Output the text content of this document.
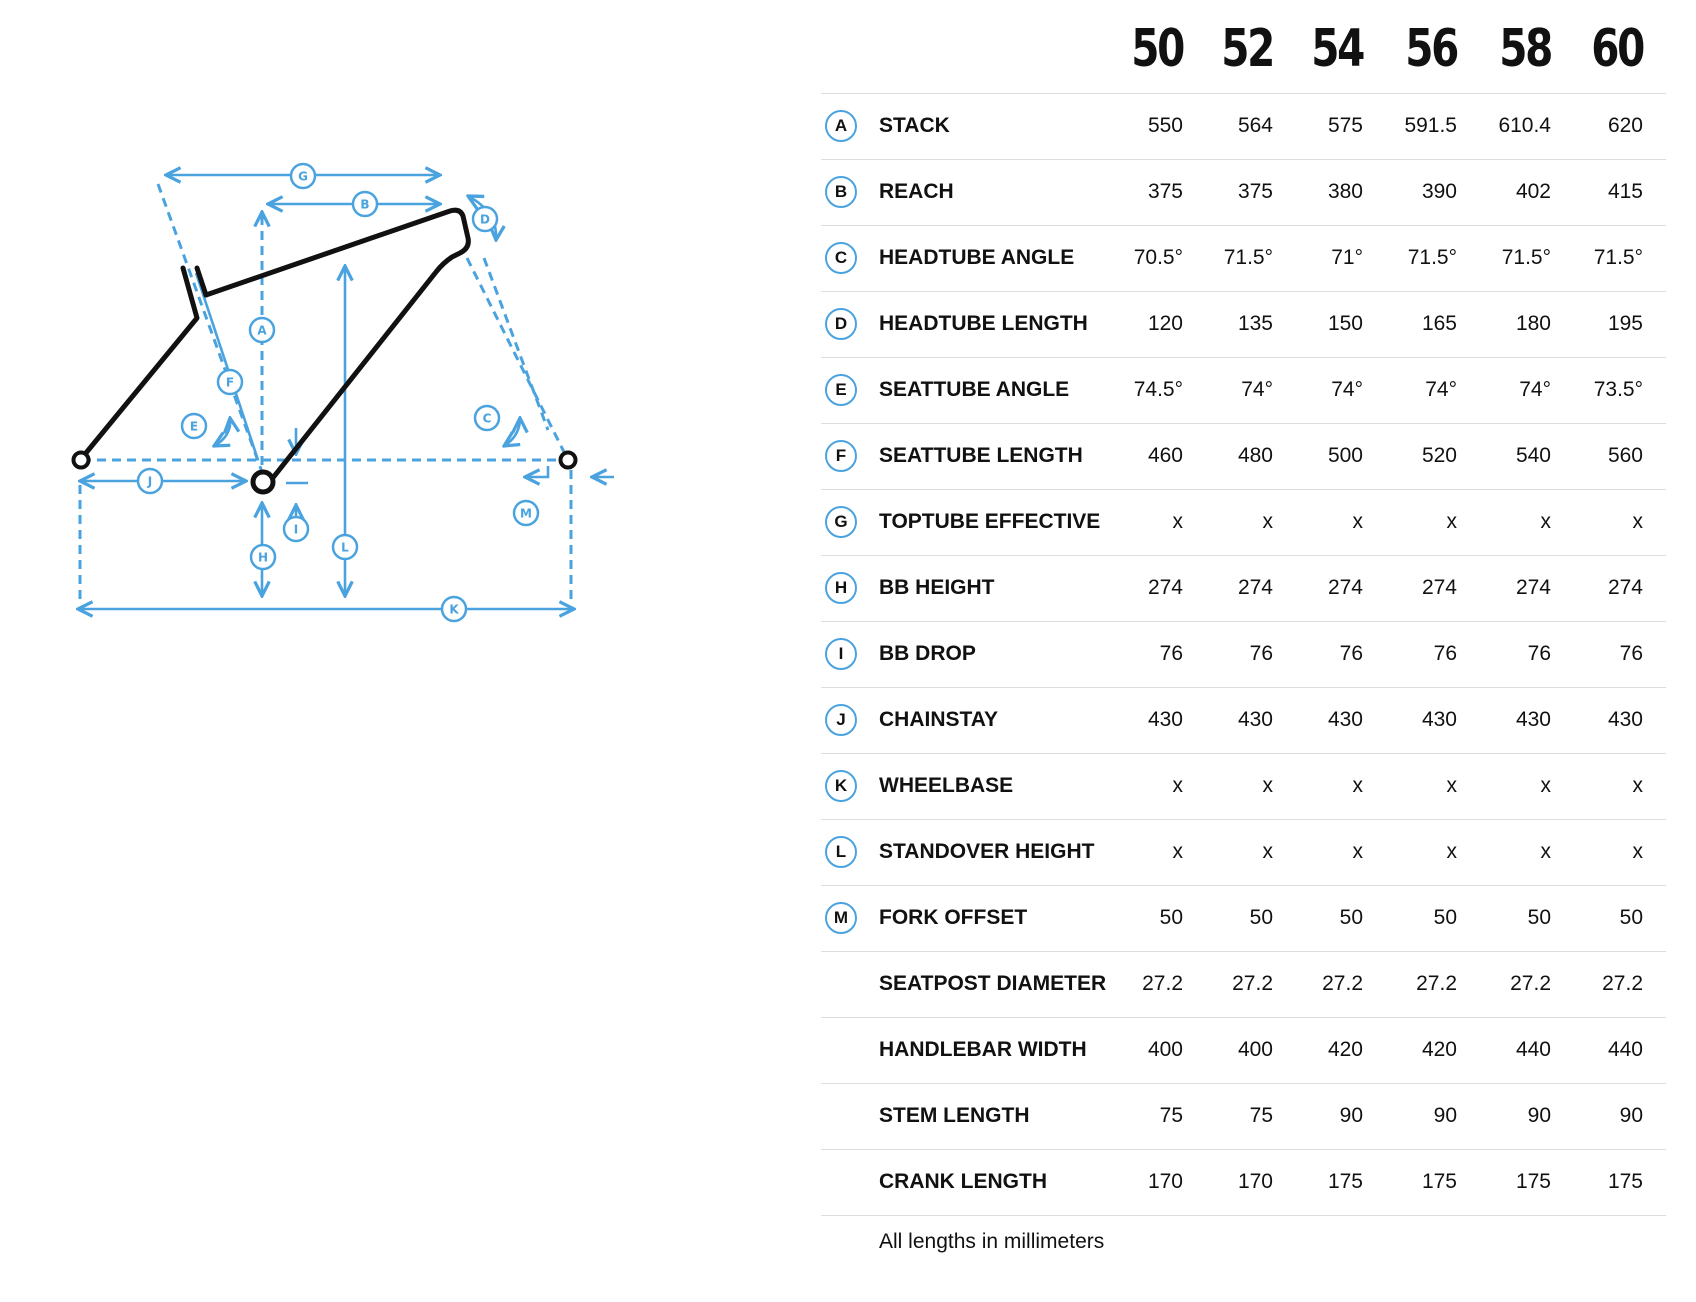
G
B
D
A
F
E
C
J
I
H
L
M
K
50 52 54 56 58 60
A	STACK	550	564	575	591.5	610.4	620
B	REACH	375	375	380	390	402	415
C	HEADTUBE ANGLE	70.5°	71.5°	71°	71.5°	71.5°	71.5°
D	HEADTUBE LENGTH	120	135	150	165	180	195
E	SEATTUBE ANGLE	74.5°	74°	74°	74°	74°	73.5°
F	SEATTUBE LENGTH	460	480	500	520	540	560
G	TOPTUBE EFFECTIVE	x	x	x	x	x	x
H	BB HEIGHT	274	274	274	274	274	274
I	BB DROP	76	76	76	76	76	76
J	CHAINSTAY	430	430	430	430	430	430
K	WHEELBASE	x	x	x	x	x	x
L	STANDOVER HEIGHT	x	x	x	x	x	x
M	FORK OFFSET	50	50	50	50	50	50
SEATPOST DIAMETER	27.2	27.2	27.2	27.2	27.2	27.2
HANDLEBAR WIDTH	400	400	420	420	440	440
STEM LENGTH	75	75	90	90	90	90
CRANK LENGTH	170	170	175	175	175	175
All lengths in millimeters
